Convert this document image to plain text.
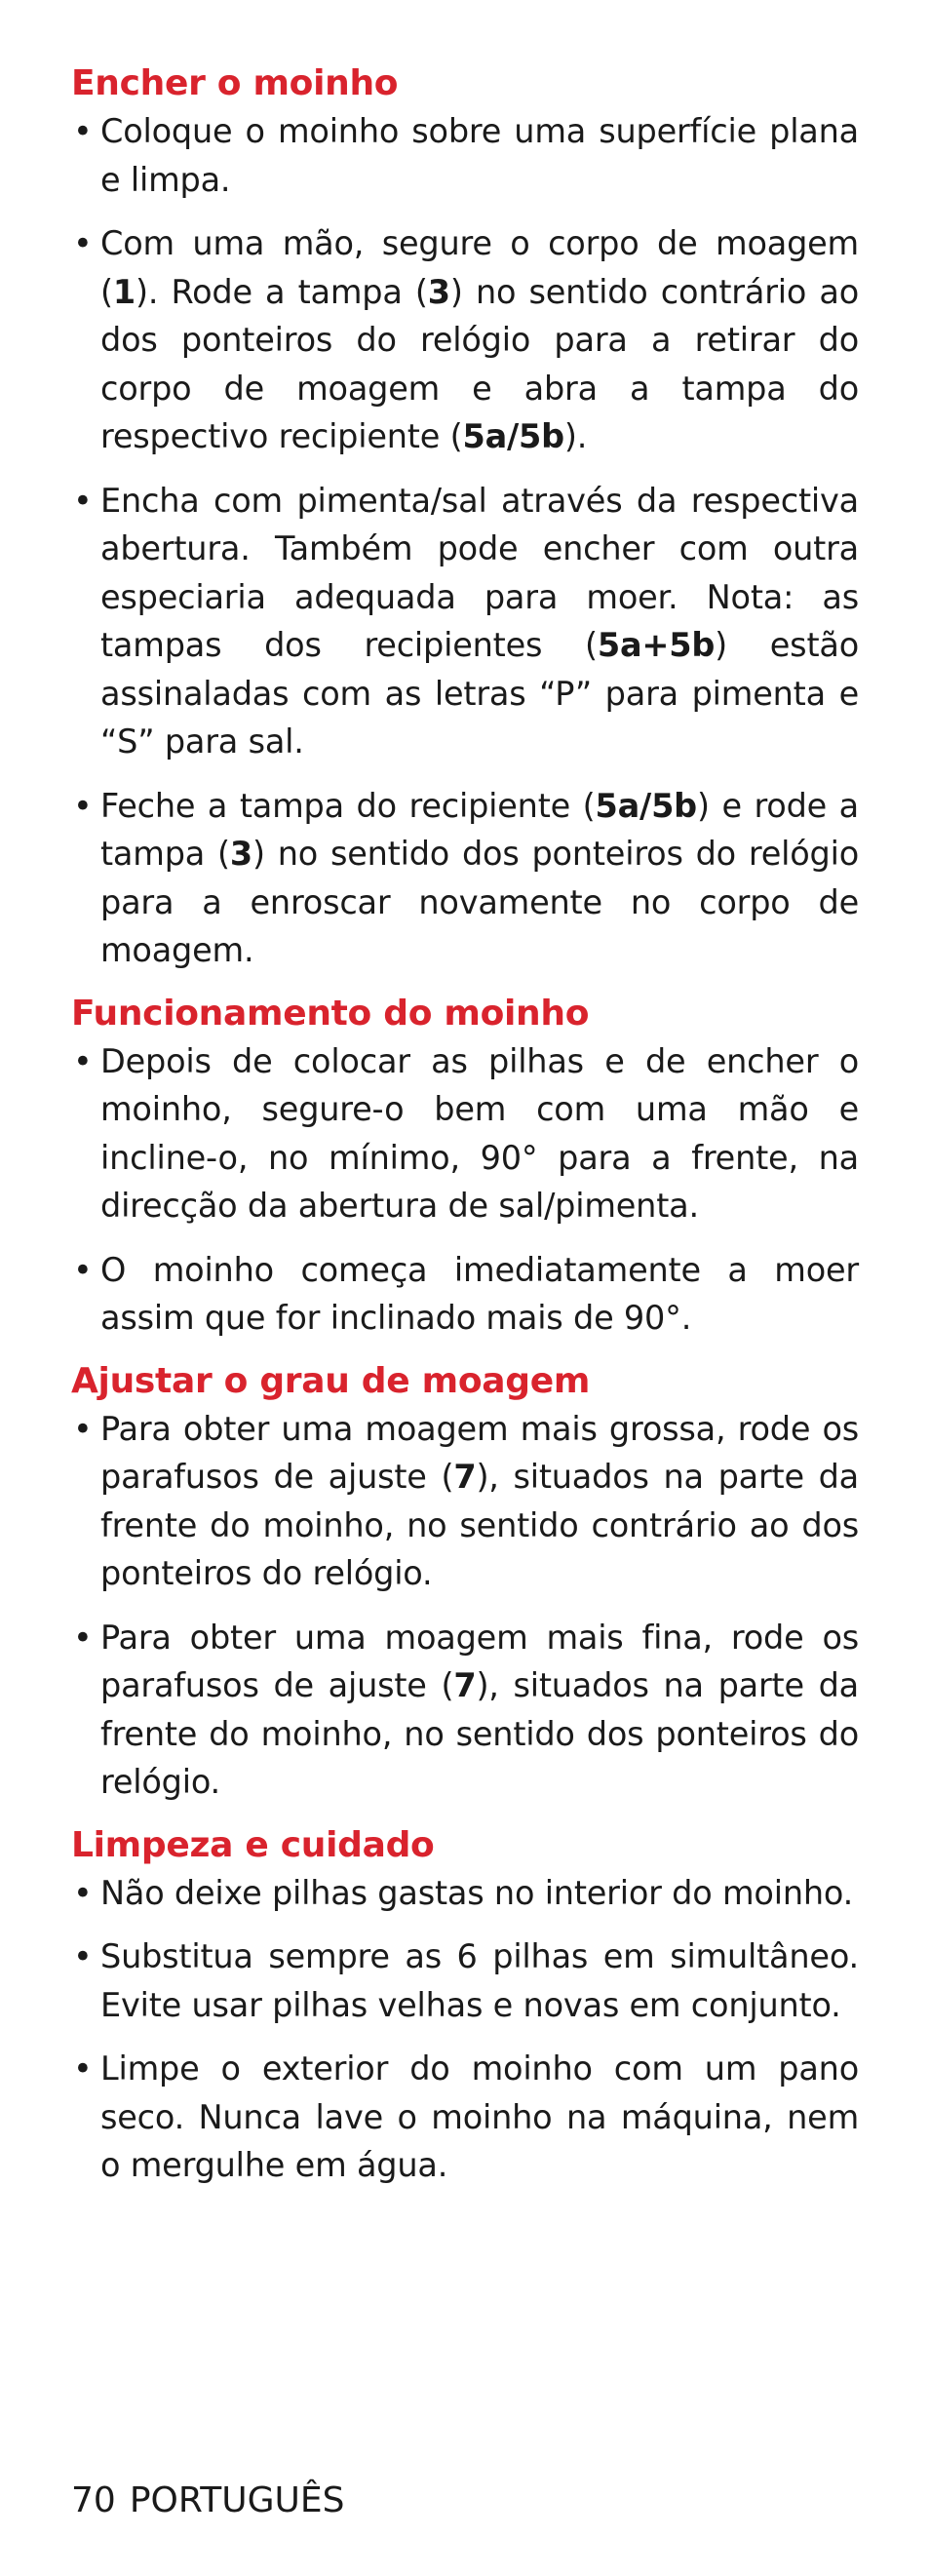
Encher o moinho
• Coloque o moinho sobre uma superfície plana e limpa.
• Com uma mão, segure o corpo de moagem (1). Rode a tampa (3) no sentido contrário ao dos ponteiros do relógio para a retirar do corpo de moagem e abra a tampa do respectivo recipiente (5a/5b).
• Encha com pimenta/sal através da respectiva abertura. Também pode encher com outra especiaria adequada para moer. Nota: as tampas dos recipientes (5a+5b) estão assinaladas com as letras “P” para pimenta e “S” para sal.
• Feche a tampa do recipiente (5a/5b) e rode a tampa (3) no sentido dos ponteiros do relógio para a enroscar novamente no corpo de moagem.
Funcionamento do moinho
• Depois de colocar as pilhas e de encher o moinho, segure-o bem com uma mão e incline-o, no mínimo, 90° para a frente, na direcção da abertura de sal/pimenta.
• O moinho começa imediatamente a moer assim que for inclinado mais de 90°.
Ajustar o grau de moagem
• Para obter uma moagem mais grossa, rode os parafusos de ajuste (7), situados na parte da frente do moinho, no sentido contrário ao dos ponteiros do relógio.
• Para obter uma moagem mais fina, rode os parafusos de ajuste (7), situados na parte da frente do moinho, no sentido dos ponteiros do relógio.
Limpeza e cuidado
• Não deixe pilhas gastas no interior do moinho.
• Substitua sempre as 6 pilhas em simultâneo. Evite usar pilhas velhas e novas em conjunto.
• Limpe o exterior do moinho com um pano seco. Nunca lave o moinho na máquina, nem o mergulhe em água.
70 PORTUGUÊS
